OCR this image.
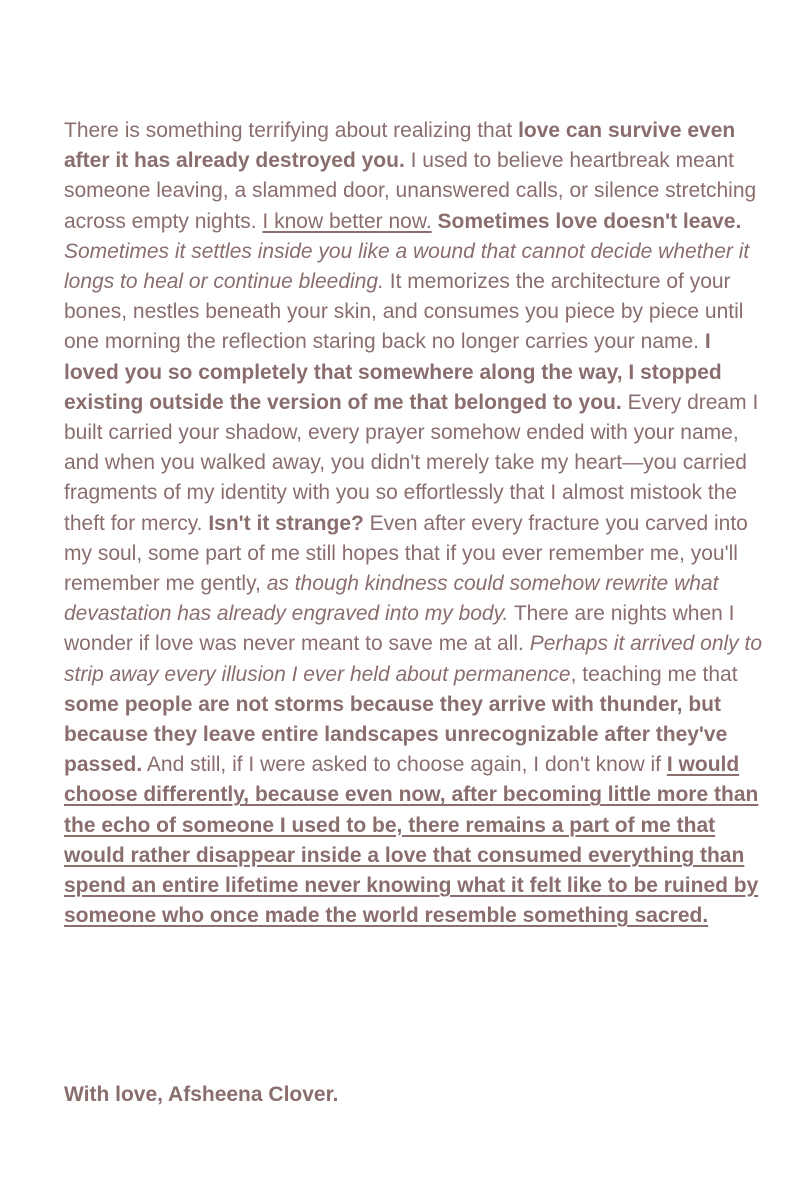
There is something terrifying about realizing that love can survive even after it has already destroyed you. I used to believe heartbreak meant someone leaving, a slammed door, unanswered calls, or silence stretching across empty nights. I know better now. Sometimes love doesn't leave. Sometimes it settles inside you like a wound that cannot decide whether it longs to heal or continue bleeding. It memorizes the architecture of your bones, nestles beneath your skin, and consumes you piece by piece until one morning the reflection staring back no longer carries your name. I loved you so completely that somewhere along the way, I stopped existing outside the version of me that belonged to you. Every dream I built carried your shadow, every prayer somehow ended with your name, and when you walked away, you didn't merely take my heart—you carried fragments of my identity with you so effortlessly that I almost mistook the theft for mercy. Isn't it strange? Even after every fracture you carved into my soul, some part of me still hopes that if you ever remember me, you'll remember me gently, as though kindness could somehow rewrite what devastation has already engraved into my body. There are nights when I wonder if love was never meant to save me at all. Perhaps it arrived only to strip away every illusion I ever held about permanence, teaching me that some people are not storms because they arrive with thunder, but because they leave entire landscapes unrecognizable after they've passed. And still, if I were asked to choose again, I don't know if I would choose differently, because even now, after becoming little more than the echo of someone I used to be, there remains a part of me that would rather disappear inside a love that consumed everything than spend an entire lifetime never knowing what it felt like to be ruined by someone who once made the world resemble something sacred.

With love, Afsheena Clover.
